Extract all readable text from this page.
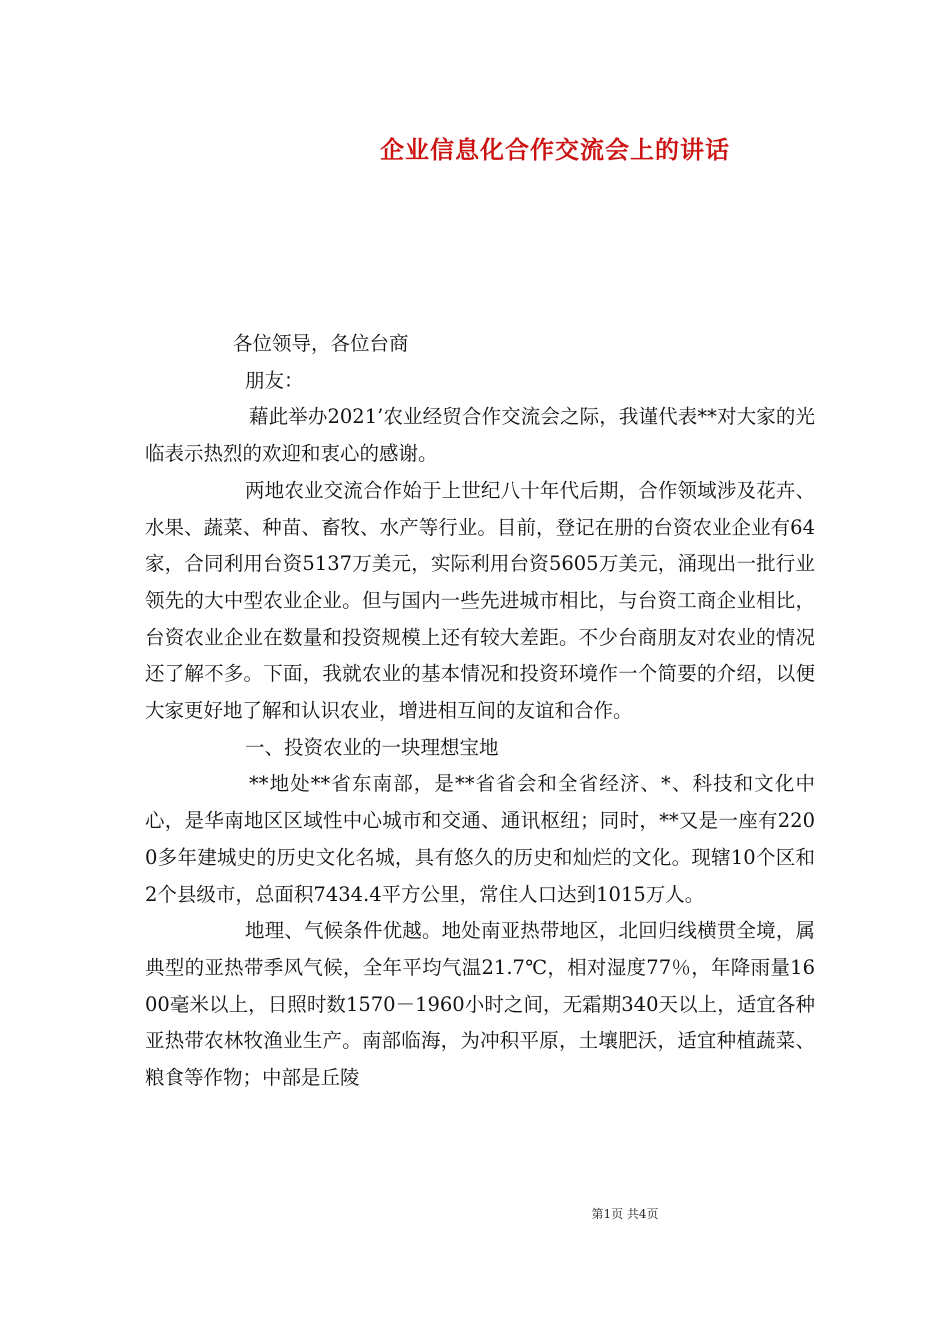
企业信息化合作交流会上的讲话

各位领导，各位台商

朋友：

藉此举办2021’农业经贸合作交流会之际，我谨代表**对大家的光临表示热烈的欢迎和衷心的感谢。

两地农业交流合作始于上世纪八十年代后期，合作领域涉及花卉、水果、蔬菜、种苗、畜牧、水产等行业。目前，登记在册的台资农业企业有64家，合同利用台资5137万美元，实际利用台资5605万美元，涌现出一批行业领先的大中型农业企业。但与国内一些先进城市相比，与台资工商企业相比，台资农业企业在数量和投资规模上还有较大差距。不少台商朋友对农业的情况还了解不多。下面，我就农业的基本情况和投资环境作一个简要的介绍，以便大家更好地了解和认识农业，增进相互间的友谊和合作。

一、投资农业的一块理想宝地

**地处**省东南部，是**省省会和全省经济、*、科技和文化中心，是华南地区区域性中心城市和交通、通讯枢纽；同时，**又是一座有2200多年建城史的历史文化名城，具有悠久的历史和灿烂的文化。现辖10个区和2个县级市，总面积7434.4平方公里，常住人口达到1015万人。

地理、气候条件优越。地处南亚热带地区，北回归线横贯全境，属典型的亚热带季风气候，全年平均气温21.7℃，相对湿度77％，年降雨量1600毫米以上，日照时数1570－1960小时之间，无霜期340天以上，适宜各种亚热带农林牧渔业生产。南部临海，为冲积平原，土壤肥沃，适宜种植蔬菜、粮食等作物；中部是丘陵

第1页 共4页
